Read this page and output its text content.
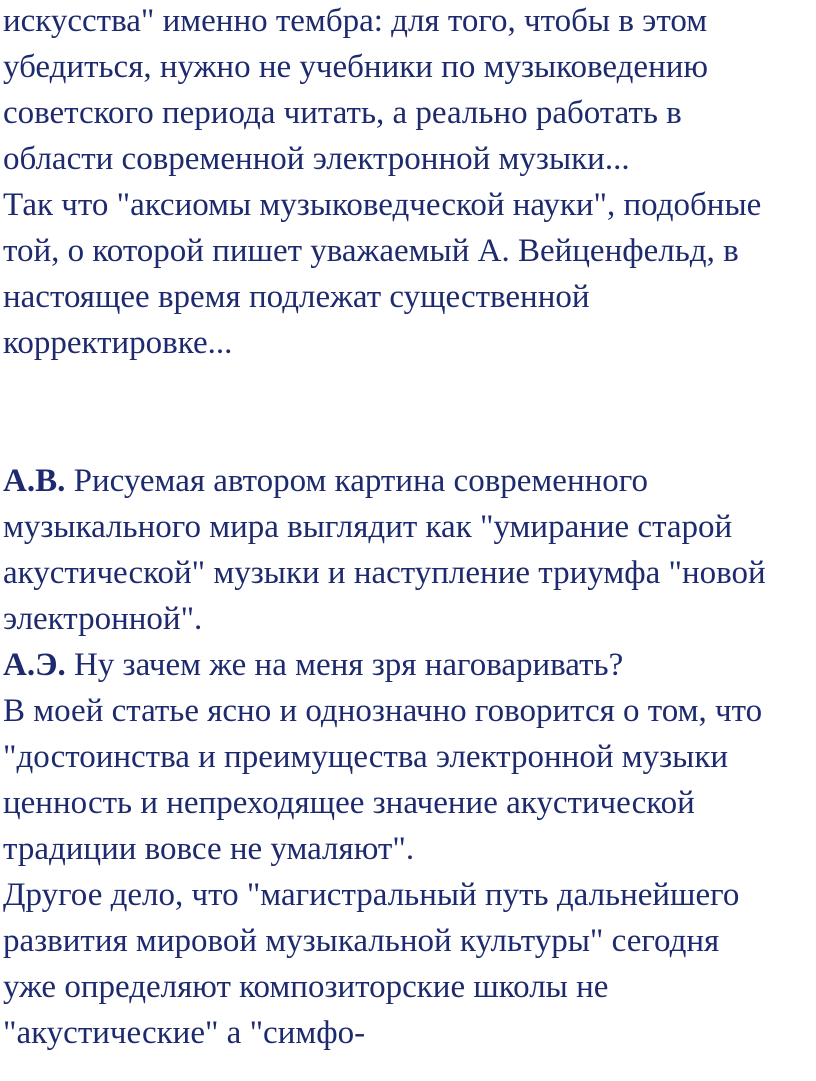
искусства" именно тембра: для того, чтобы в этом
убедиться, нужно не учебники по музыковедению
советского периода читать, а реально работать в
области современной электронной музыки...
Так что "аксиомы музыковедческой науки", подобные
той, о которой пишет уважаемый А. Вейценфельд, в
настоящее время подлежат существенной
корректировке...
А.В. Рисуемая автором картина современного
музыкального мира выглядит как "умирание старой
акустической" музыки и наступление триумфа "новой
электронной".
А.Э. Ну зачем же на меня зря наговаривать?
В моей статье ясно и однозначно говорится о том, что
"достоинства и преимущества электронной музыки
ценность и непреходящее значение акустической
традиции вовсе не умаляют".
Другое дело, что "магистральный путь дальнейшего
развития мировой музыкальной культуры" сегодня
уже определяют композиторские школы не
"акустические" а "симфо-
